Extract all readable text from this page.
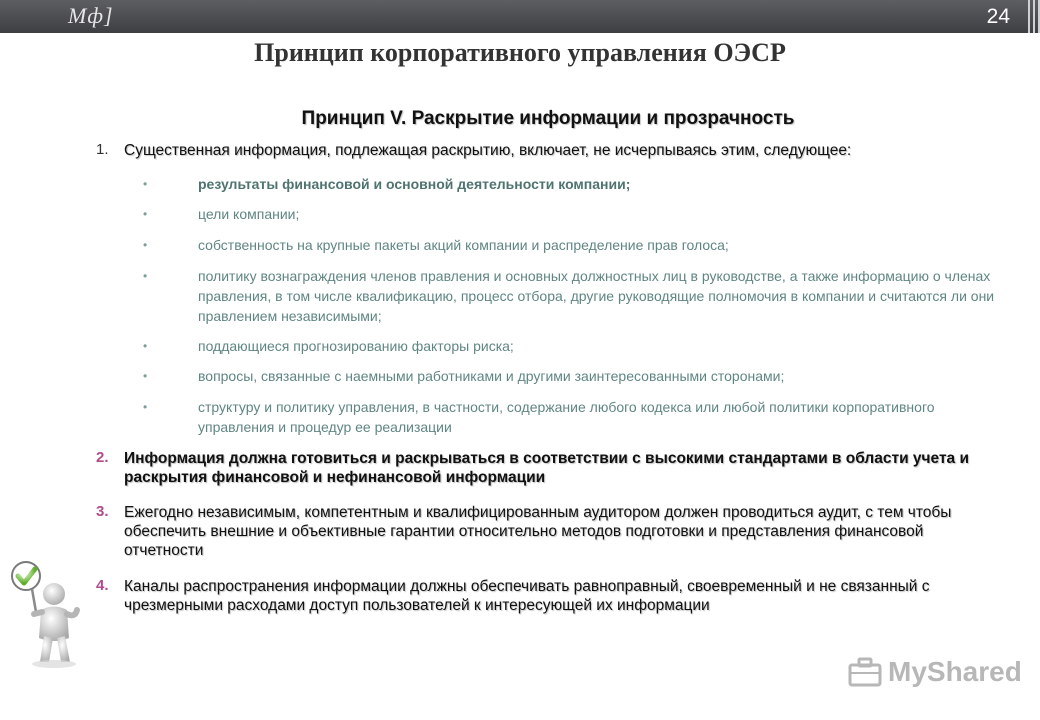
Мф]	24
Принцип корпоративного управления ОЭСР
Принцип V. Раскрытие информации и прозрачность
1. Существенная информация, подлежащая раскрытию, включает, не исчерпываясь этим, следующее:
•	результаты финансовой и основной деятельности компании;
•	цели компании;
•	собственность на крупные пакеты акций компании и распределение прав голоса;
•	политику вознаграждения членов правления и основных должностных лиц в руководстве, а также информацию о членах правления, в том числе квалификацию, процесс отбора, другие руководящие полномочия в компании и считаются ли они правлением независимыми;
•	поддающиеся прогнозированию факторы риска;
•	вопросы, связанные с наемными работниками и другими заинтересованными сторонами;
•	структуру и политику управления, в частности, содержание любого кодекса или любой политики корпоративного управления и процедур ее реализации
2. Информация должна готовиться и раскрываться в соответствии с высокими стандартами в области учета и раскрытия финансовой и нефинансовой информации
3. Ежегодно независимым, компетентным и квалифицированным аудитором должен проводиться аудит, с тем чтобы обеспечить внешние и объективные гарантии относительно методов подготовки и представления финансовой отчетности
4. Каналы распространения информации должны обеспечивать равноправный, своевременный и не связанный с чрезмерными расходами доступ пользователей к интересующей их информации
MyShared
